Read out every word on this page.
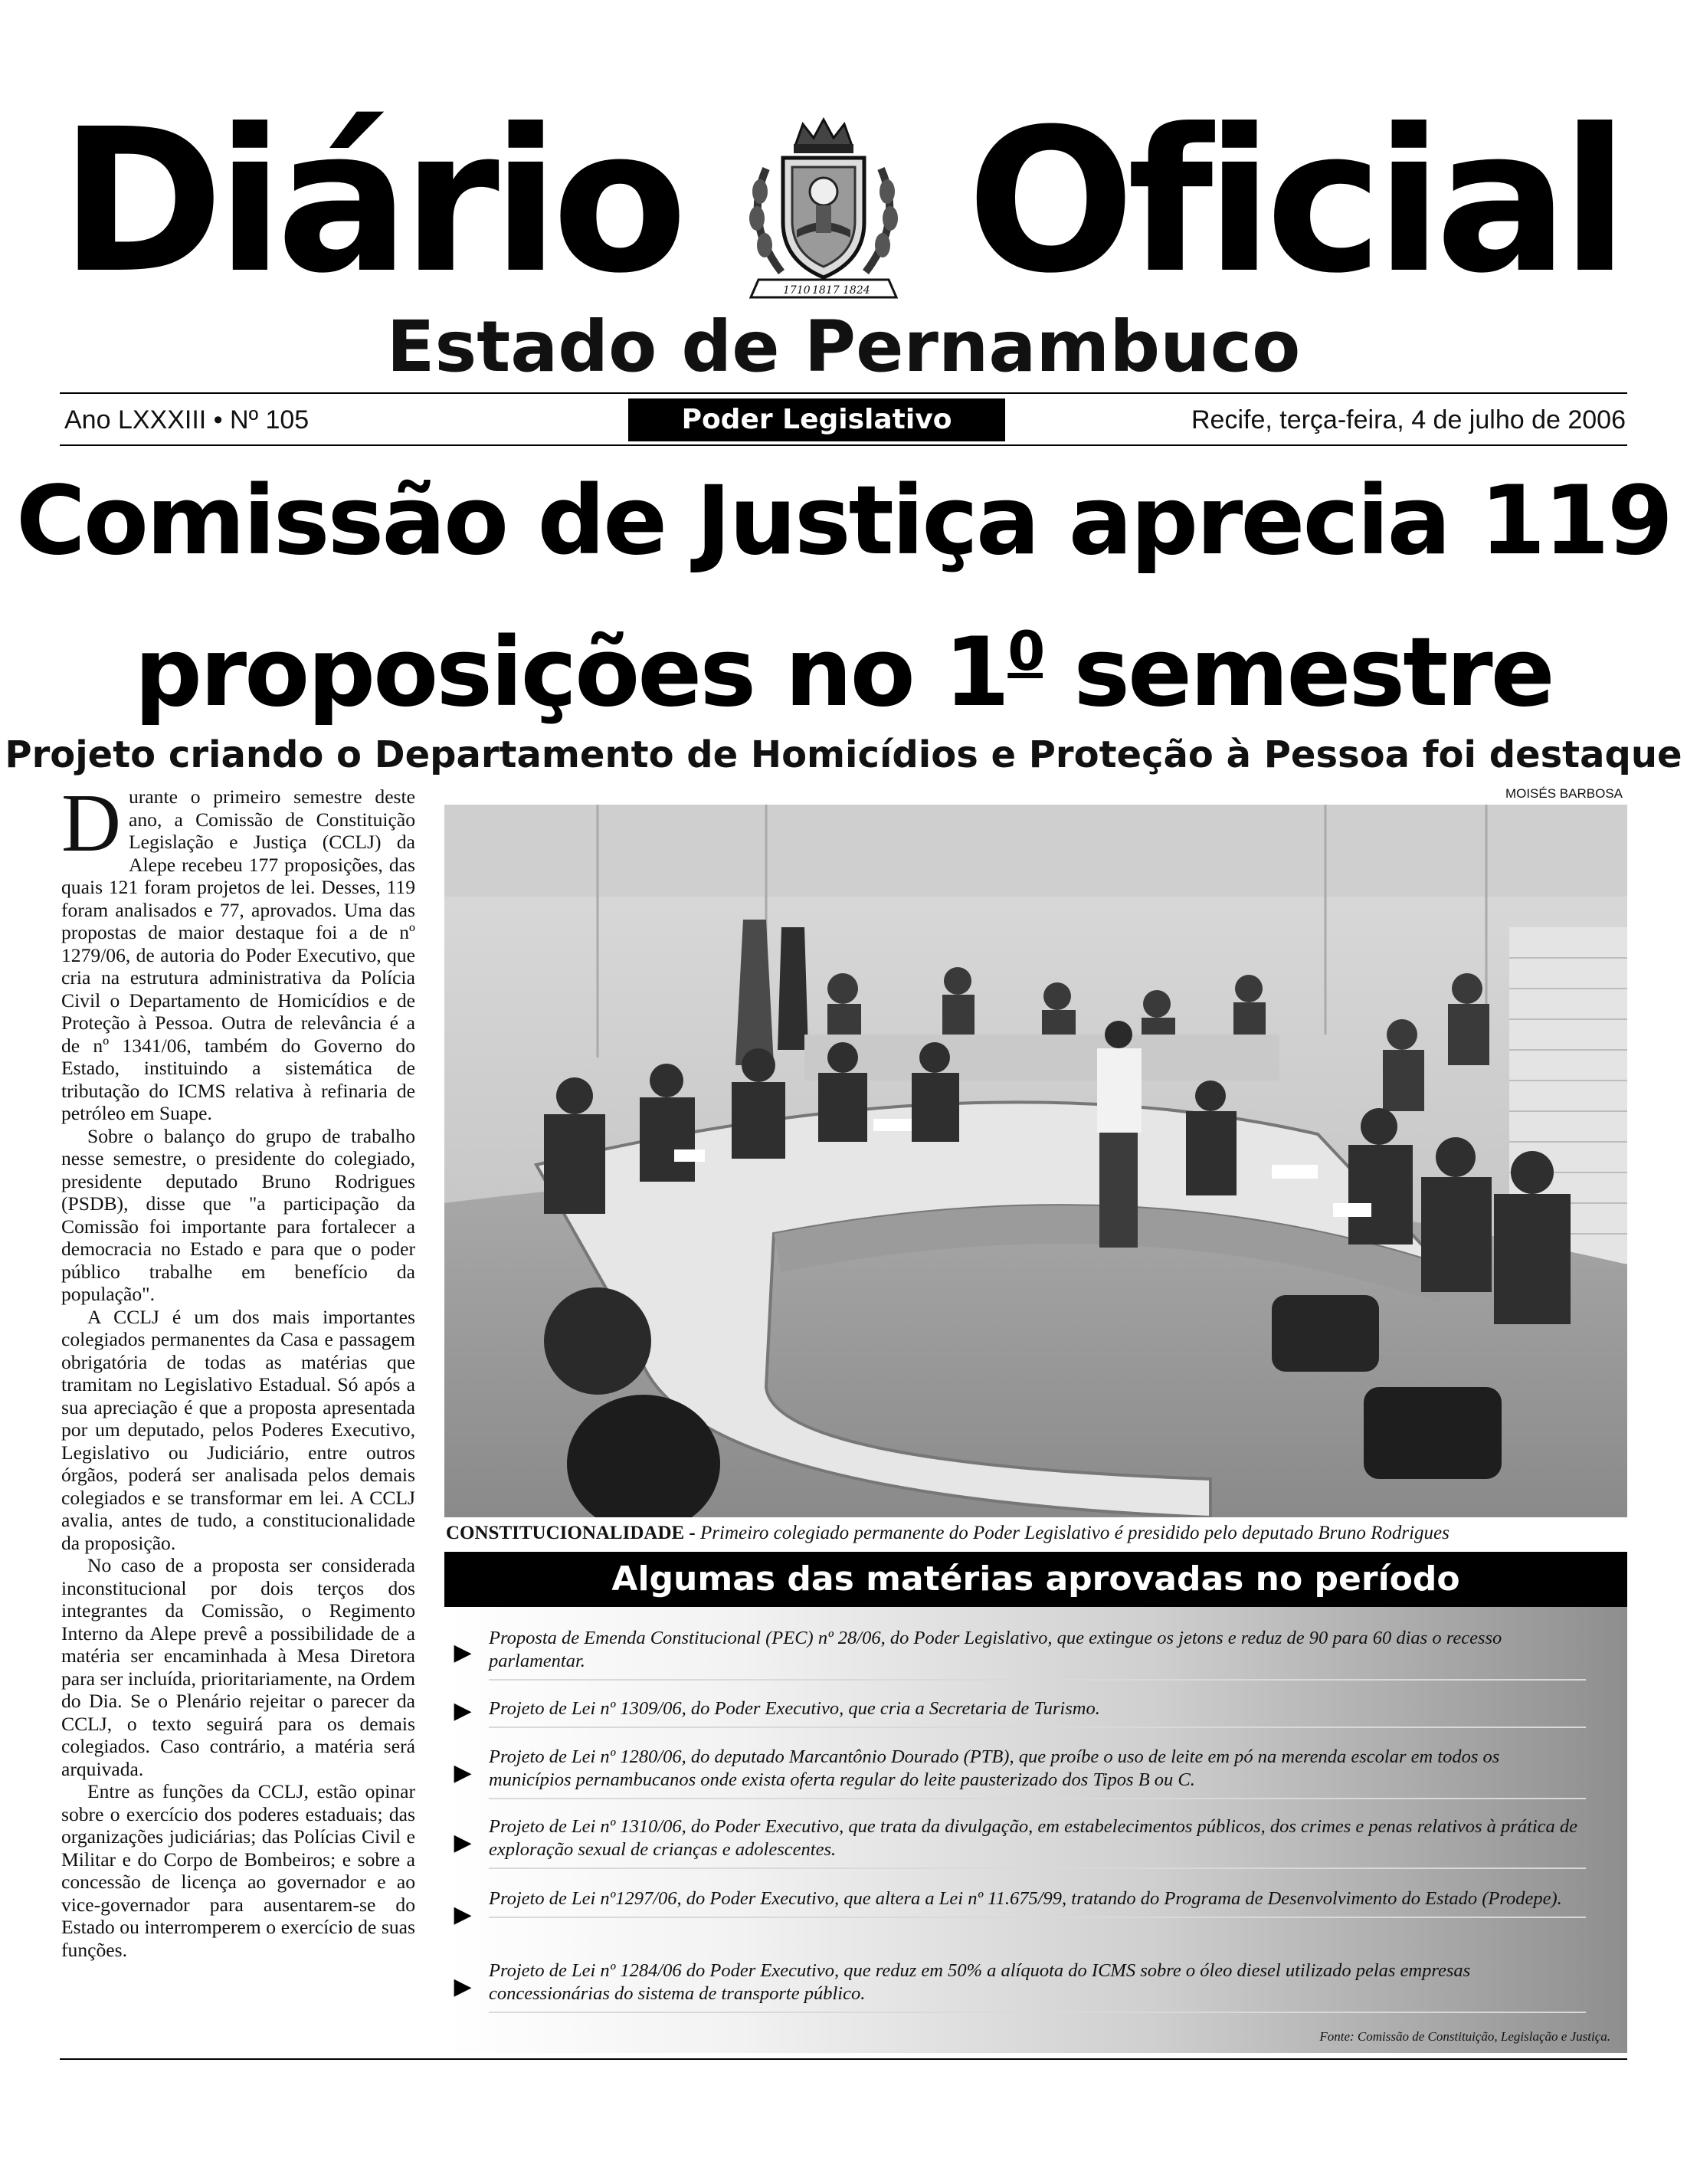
Diário	1710 1817 1824 Oficial
Estado de Pernambuco
Ano LXXXIII • Nº 105	Poder Legislativo	Recife, terça-feira, 4 de julho de 2006
Comissão de Justiça aprecia 119
proposições no $1^0$ semestre
Projeto criando o Departamento de Homicídios e Proteção à Pessoa foi destaque

Durante o primeiro semestre deste ano, a Comissão de Constituição Legislação e Justiça (CCLJ) da Alepe recebeu 177 proposições, das quais 121 foram projetos de lei. Desses, 119 foram analisados e 77, aprovados. Uma das propostas de maior destaque foi a de nº 1279/06, de autoria do Poder Executivo, que cria na estrutura administrativa da Polícia Civil o Departamento de Homicídios e de Proteção à Pessoa. Outra de relevância é a de nº 1341/06, também do Governo do Estado, instituindo a sistemática de tributação do ICMS relativa à refinaria de petróleo em Suape.

Sobre o balanço do grupo de trabalho nesse semestre, o presidente do colegiado, presidente deputado Bruno Rodrigues (PSDB), disse que "a participação da Comissão foi importante para fortalecer a democracia no Estado e para que o poder público trabalhe em benefício da população".

A CCLJ é um dos mais importantes colegiados permanentes da Casa e passagem obrigatória de todas as matérias que tramitam no Legislativo Estadual. Só após a sua apreciação é que a proposta apresentada por um deputado, pelos Poderes Executivo, Legislativo ou Judiciário, entre outros órgãos, poderá ser analisada pelos demais colegiados e se transformar em lei. A CCLJ avalia, antes de tudo, a constitucionalidade da proposição.

No caso de a proposta ser considerada inconstitucional por dois terços dos integrantes da Comissão, o Regimento Interno da Alepe prevê a possibilidade de a matéria ser encaminhada à Mesa Diretora para ser incluída, prioritariamente, na Ordem do Dia. Se o Plenário rejeitar o parecer da CCLJ, o texto seguirá para os demais colegiados. Caso contrário, a matéria será arquivada.

Entre as funções da CCLJ, estão opinar sobre o exercício dos poderes estaduais; das organizações judiciárias; das Polícias Civil e Militar e do Corpo de Bombeiros; e sobre a concessão de licença ao governador e ao vice-governador para ausentarem-se do Estado ou interromperem o exercício de suas funções.

MOISÉS BARBOSA
CONSTITUCIONALIDADE - Primeiro colegiado permanente do Poder Legislativo é presidido pelo deputado Bruno Rodrigues
Algumas das matérias aprovadas no período
▶
Proposta de Emenda Constitucional (PEC) nº 28/06, do Poder Legislativo, que extingue os jetons e reduz de 90 para 60 dias o recesso parlamentar.
▶ Projeto de Lei nº 1309/06, do Poder Executivo, que cria a Secretaria de Turismo.
▶
Projeto de Lei nº 1280/06, do deputado Marcantônio Dourado (PTB), que proíbe o uso de leite em pó na merenda escolar em todos os municípios pernambucanos onde exista oferta regular do leite pausterizado dos Tipos B ou C.
▶
Projeto de Lei nº 1310/06, do Poder Executivo, que trata da divulgação, em estabelecimentos públicos, dos crimes e penas relativos à prática de exploração sexual de crianças e adolescentes.
▶
Projeto de Lei nº1297/06, do Poder Executivo, que altera a Lei nº 11.675/99, tratando do Programa de Desenvolvimento do Estado (Prodepe).
▶
Projeto de Lei nº 1284/06 do Poder Executivo, que reduz em 50% a alíquota do ICMS sobre o óleo diesel utilizado pelas empresas concessionárias do sistema de transporte público.
Fonte: Comissão de Constituição, Legislação e Justiça.
